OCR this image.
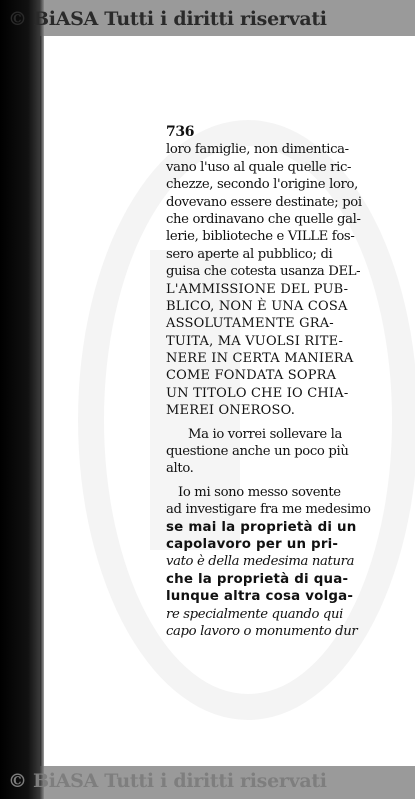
© BiASA Tutti i diritti riservati

736
loro famiglie, non dimentica-
vano l'uso al quale quelle ric-
chezze, secondo l'origine loro,
dovevano essere destinate; poi
che ordinavano che quelle gal-
lerie, biblioteche e VILLE fos-
sero aperte al pubblico; di
guisa che cotesta usanza DEL-
L'AMMISSIONE DEL PUB-
BLICO, NON È UNA COSA
ASSOLUTAMENTE GRA-
TUITA, MA VUOLSI RITE-
NERE IN CERTA MANIERA
COME FONDATA SOPRA
UN TITOLO CHE IO CHIA-
MEREI ONEROSO.
Ma io vorrei sollevare la
questione anche un poco più
alto.
Io mi sono messo sovente
ad investigare fra me medesimo
se mai la proprietà di un
capolavoro per un pri-
vato è della medesima natura
che la proprietà di qua-
lunque altra cosa volga-
re specialmente quando qui
capo lavoro o monumento dur

© BiASA Tutti i diritti riservati
